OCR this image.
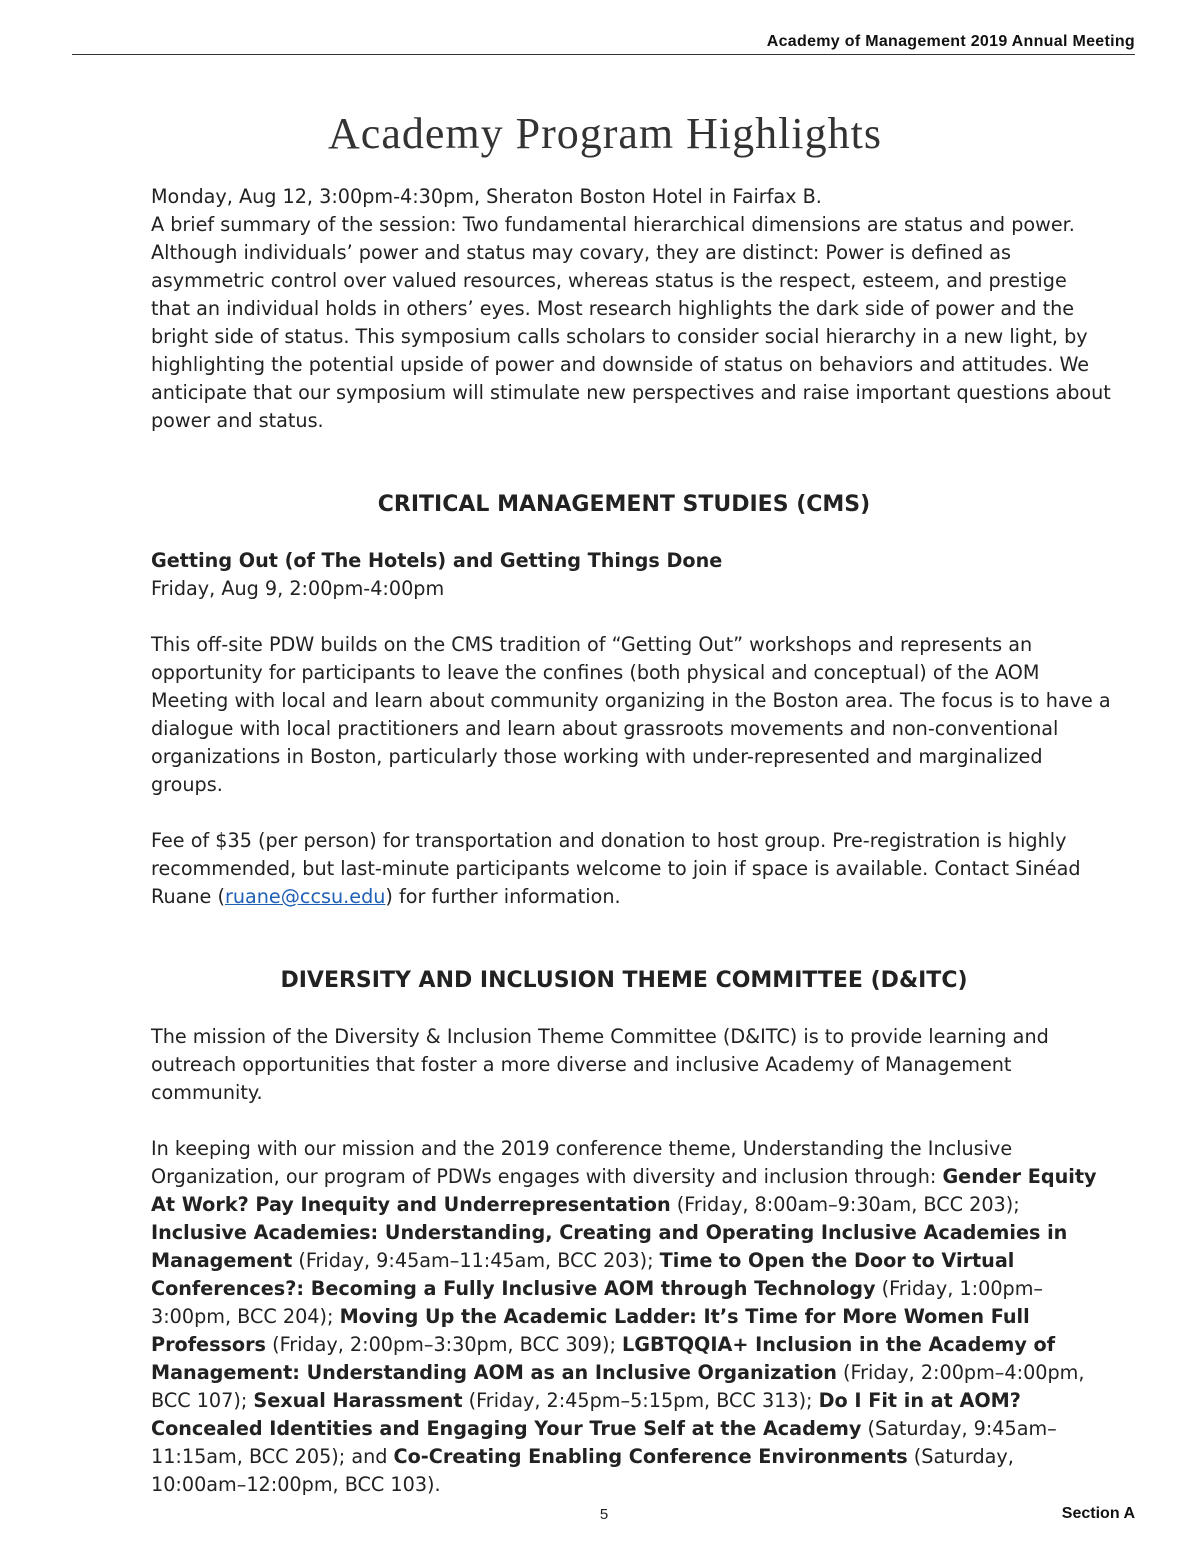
Academy of Management 2019 Annual Meeting
Academy Program Highlights

Monday, Aug 12, 3:00pm-4:30pm, Sheraton Boston Hotel in Fairfax B.

A brief summary of the session: Two fundamental hierarchical dimensions are status and power. Although individuals’ power and status may covary, they are distinct: Power is defined as asymmetric control over valued resources, whereas status is the respect, esteem, and prestige that an individual holds in others’ eyes. Most research highlights the dark side of power and the bright side of status. This symposium calls scholars to consider social hierarchy in a new light, by highlighting the potential upside of power and downside of status on behaviors and attitudes. We anticipate that our symposium will stimulate new perspectives and raise important questions about power and status.

CRITICAL MANAGEMENT STUDIES (CMS)

Getting Out (of The Hotels) and Getting Things Done

Friday, Aug 9, 2:00pm-4:00pm

This off-site PDW builds on the CMS tradition of “Getting Out” workshops and represents an opportunity for participants to leave the confines (both physical and conceptual) of the AOM Meeting with local and learn about community organizing in the Boston area. The focus is to have a dialogue with local practitioners and learn about grassroots movements and non-conventional organizations in Boston, particularly those working with under-represented and marginalized groups.

Fee of $35 (per person) for transportation and donation to host group. Pre-registration is highly recommended, but last-minute participants welcome to join if space is available. Contact Sinéad Ruane (ruane@ccsu.edu) for further information.

DIVERSITY AND INCLUSION THEME COMMITTEE (D&ITC)

The mission of the Diversity & Inclusion Theme Committee (D&ITC) is to provide learning and outreach opportunities that foster a more diverse and inclusive Academy of Management community.

In keeping with our mission and the 2019 conference theme, Understanding the Inclusive Organization, our program of PDWs engages with diversity and inclusion through: Gender Equity At Work? Pay Inequity and Underrepresentation (Friday, 8:00am–9:30am, BCC 203); Inclusive Academies: Understanding, Creating and Operating Inclusive Academies in Management (Friday, 9:45am–11:45am, BCC 203); Time to Open the Door to Virtual Conferences?: Becoming a Fully Inclusive AOM through Technology (Friday, 1:00pm–3:00pm, BCC 204); Moving Up the Academic Ladder: It’s Time for More Women Full Professors (Friday, 2:00pm–3:30pm, BCC 309); LGBTQQIA+ Inclusion in the Academy of Management: Understanding AOM as an Inclusive Organization (Friday, 2:00pm–4:00pm, BCC 107); Sexual Harassment (Friday, 2:45pm–5:15pm, BCC 313); Do I Fit in at AOM? Concealed Identities and Engaging Your True Self at the Academy (Saturday, 9:45am–11:15am, BCC 205); and Co-Creating Enabling Conference Environments (Saturday, 10:00am–12:00pm, BCC 103).

5	Section A
